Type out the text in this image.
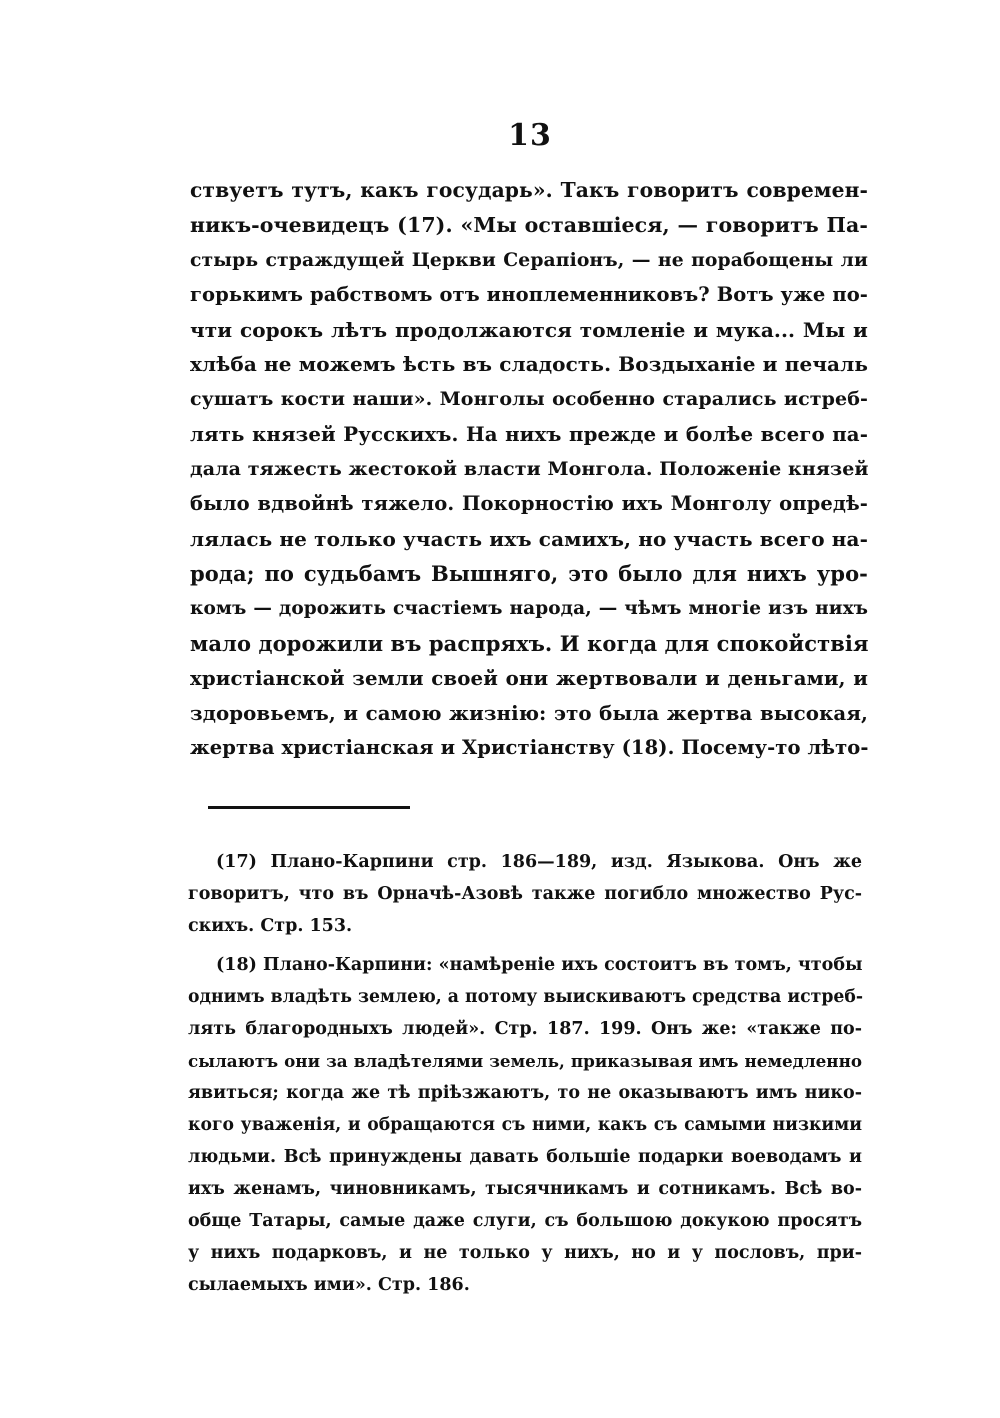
13
ствуетъ тутъ, какъ государь». Такъ говоритъ современ-
никъ-очевидецъ (17). «Мы оставшіеся, — говоритъ Па-
стырь страждущей Церкви Серапіонъ, — не порабощены ли
горькимъ рабствомъ отъ иноплеменниковъ? Вотъ уже по-
чти сорокъ лѣтъ продолжаются томленіе и мука... Мы и
хлѣба не можемъ ѣсть въ сладость. Воздыханіе и печаль
сушатъ кости наши». Монголы особенно старались истреб-
лять князей Русскихъ. На нихъ прежде и болѣе всего па-
дала тяжесть жестокой власти Монгола. Положеніе князей
было вдвойнѣ тяжело. Покорностію ихъ Монголу опредѣ-
лялась не только участь ихъ самихъ, но участь всего на-
рода; по судьбамъ Вышняго, это было для нихъ уро-
комъ — дорожить счастіемъ народа, — чѣмъ многіе изъ нихъ
мало дорожили въ распряхъ. И когда для спокойствія
христіанской земли своей они жертвовали и деньгами, и
здоровьемъ, и самою жизнію: это была жертва высокая,
жертва христіанская и Христіанству (18). Посему-то лѣто-
(17) Плано-Карпини стр. 186—189, изд. Языкова. Онъ же
говоритъ, что въ Орначѣ-Азовѣ также погибло множество Рус-
скихъ. Стр. 153.
(18) Плано-Карпини: «намѣреніе ихъ состоитъ въ томъ, чтобы
однимъ владѣть землею, а потому выискиваютъ средства истреб-
лять благородныхъ людей». Стр. 187. 199. Онъ же: «также по-
сылаютъ они за владѣтелями земель, приказывая имъ немедленно
явиться; когда же тѣ пріѣзжаютъ, то не оказываютъ имъ нико-
кого уваженія, и обращаются съ ними, какъ съ самыми низкими
людьми. Всѣ принуждены давать большіе подарки воеводамъ и
ихъ женамъ, чиновникамъ, тысячникамъ и сотникамъ. Всѣ во-
обще Татары, самые даже слуги, съ большою докукою просятъ
у нихъ подарковъ, и не только у нихъ, но и у пословъ, при-
сылаемыхъ ими». Стр. 186.
